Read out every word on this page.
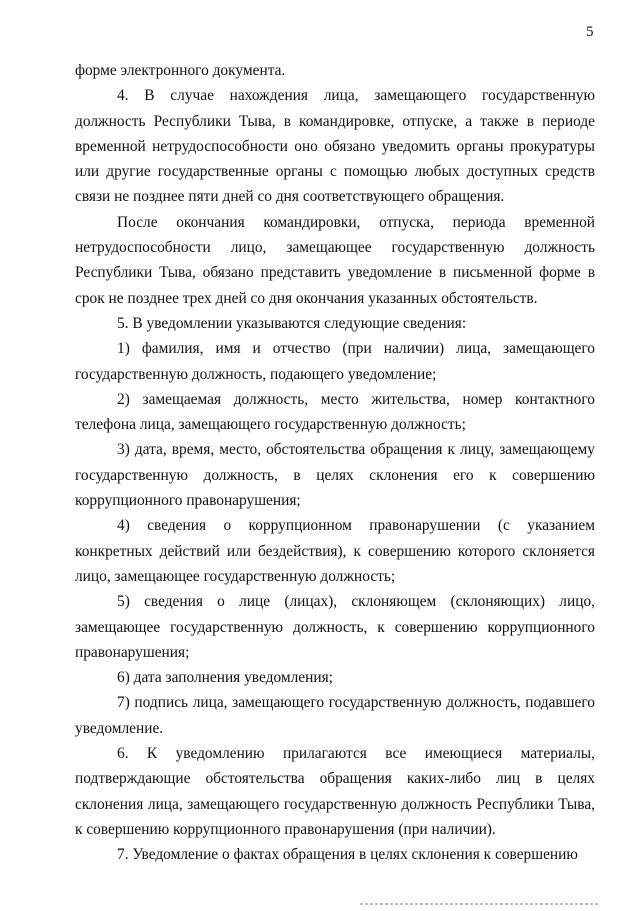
5

форме электронного документа.

4. В случае нахождения лица, замещающего государственную должность Республики Тыва, в командировке, отпуске, а также в периоде временной нетрудоспособности оно обязано уведомить органы прокуратуры или другие государственные органы с помощью любых доступных средств связи не позднее пяти дней со дня соответствующего обращения.

После окончания командировки, отпуска, периода временной нетрудоспособности лицо, замещающее государственную должность Республики Тыва, обязано представить уведомление в письменной форме в срок не позднее трех дней со дня окончания указанных обстоятельств.

5. В уведомлении указываются следующие сведения:

1) фамилия, имя и отчество (при наличии) лица, замещающего государственную должность, подающего уведомление;

2) замещаемая должность, место жительства, номер контактного телефона лица, замещающего государственную должность;

3) дата, время, место, обстоятельства обращения к лицу, замещающему государственную должность, в целях склонения его к совершению коррупционного правонарушения;

4) сведения о коррупционном правонарушении (с указанием конкретных действий или бездействия), к совершению которого склоняется лицо, замещающее государственную должность;

5) сведения о лице (лицах), склоняющем (склоняющих) лицо, замещающее государственную должность, к совершению коррупционного правонарушения;

6) дата заполнения уведомления;

7) подпись лица, замещающего государственную должность, подавшего уведомление.

6. К уведомлению прилагаются все имеющиеся материалы, подтверждающие обстоятельства обращения каких-либо лиц в целях склонения лица, замещающего государственную должность Республики Тыва, к совершению коррупционного правонарушения (при наличии).

7. Уведомление о фактах обращения в целях склонения к совершению
